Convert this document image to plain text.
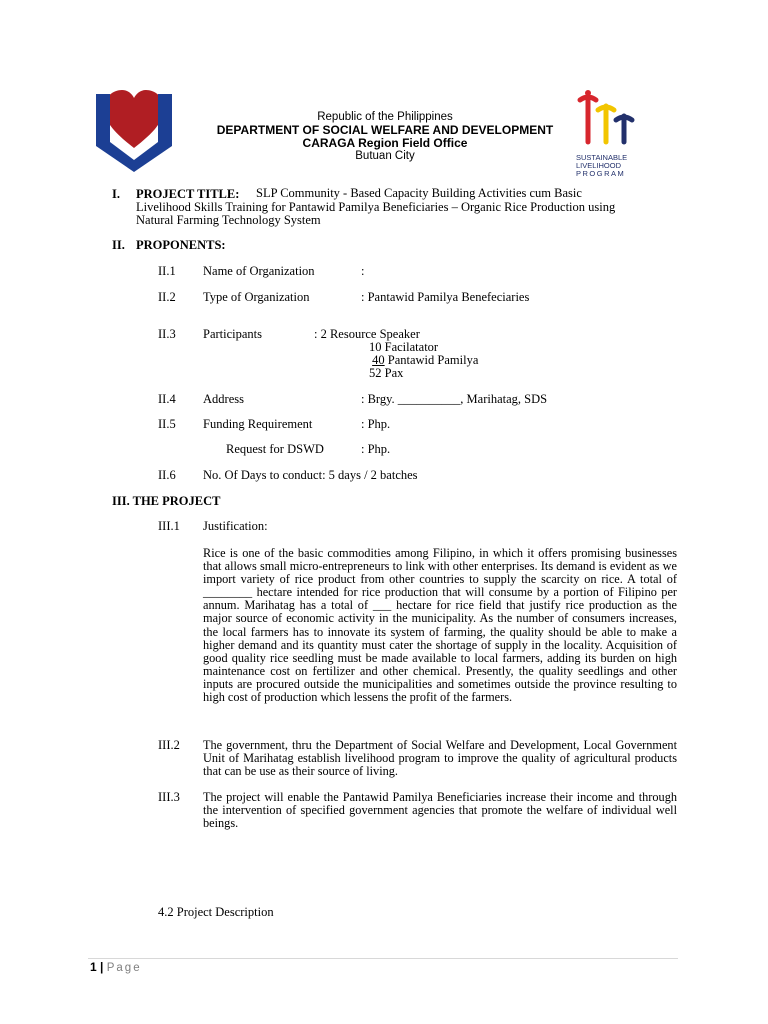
Republic of the Philippines
DEPARTMENT OF SOCIAL WELFARE AND DEVELOPMENT
CARAGA Region Field Office
Butuan City	SUSTAINABLE
LIVELIHOOD
PROGRAM
I. PROJECT TITLE: SLP Community - Based Capacity Building Activities cum Basic
Livelihood Skills Training for Pantawid Pamilya Beneficiaries – Organic Rice Production using
Natural Farming Technology System
II. PROPONENTS:
II.1 Name of Organization	:
II.2 Type of Organization	: Pantawid Pamilya Benefeciaries
II.3 Participants	: 2 Resource Speaker
10 Facilatator
40 Pantawid Pamilya
52 Pax
II.4 Address	: Brgy. __________, Marihatag, SDS
II.5 Funding Requirement	: Php.
Request for DSWD	: Php.
II.6 No. Of Days to conduct: 5 days / 2 batches
III. THE PROJECT
III.1 Justification:
Rice is one of the basic commodities among Filipino, in which it offers promising businesses that allows small micro-entrepreneurs to link with other enterprises. Its demand is evident as we import variety of rice product from other countries to supply the scarcity on rice. A total of ________ hectare intended for rice production that will consume by a portion of Filipino per annum. Marihatag has a total of ___ hectare for rice field that justify rice production as the major source of economic activity in the municipality. As the number of consumers increases, the local farmers has to innovate its system of farming, the quality should be able to make a higher demand and its quantity must cater the shortage of supply in the locality. Acquisition of good quality rice seedling must be made available to local farmers, adding its burden on high maintenance cost on fertilizer and other chemical. Presently, the quality seedlings and other inputs are procured outside the municipalities and sometimes outside the province resulting to high cost of production which lessens the profit of the farmers.
III.2 The government, thru the Department of Social Welfare and Development, Local Government Unit of Marihatag establish livelihood program to improve the quality of agricultural products that can be use as their source of living.
III.3 The project will enable the Pantawid Pamilya Beneficiaries increase their income and through the intervention of specified government agencies that promote the welfare of individual well beings.
4.2 Project Description
1 | Page
